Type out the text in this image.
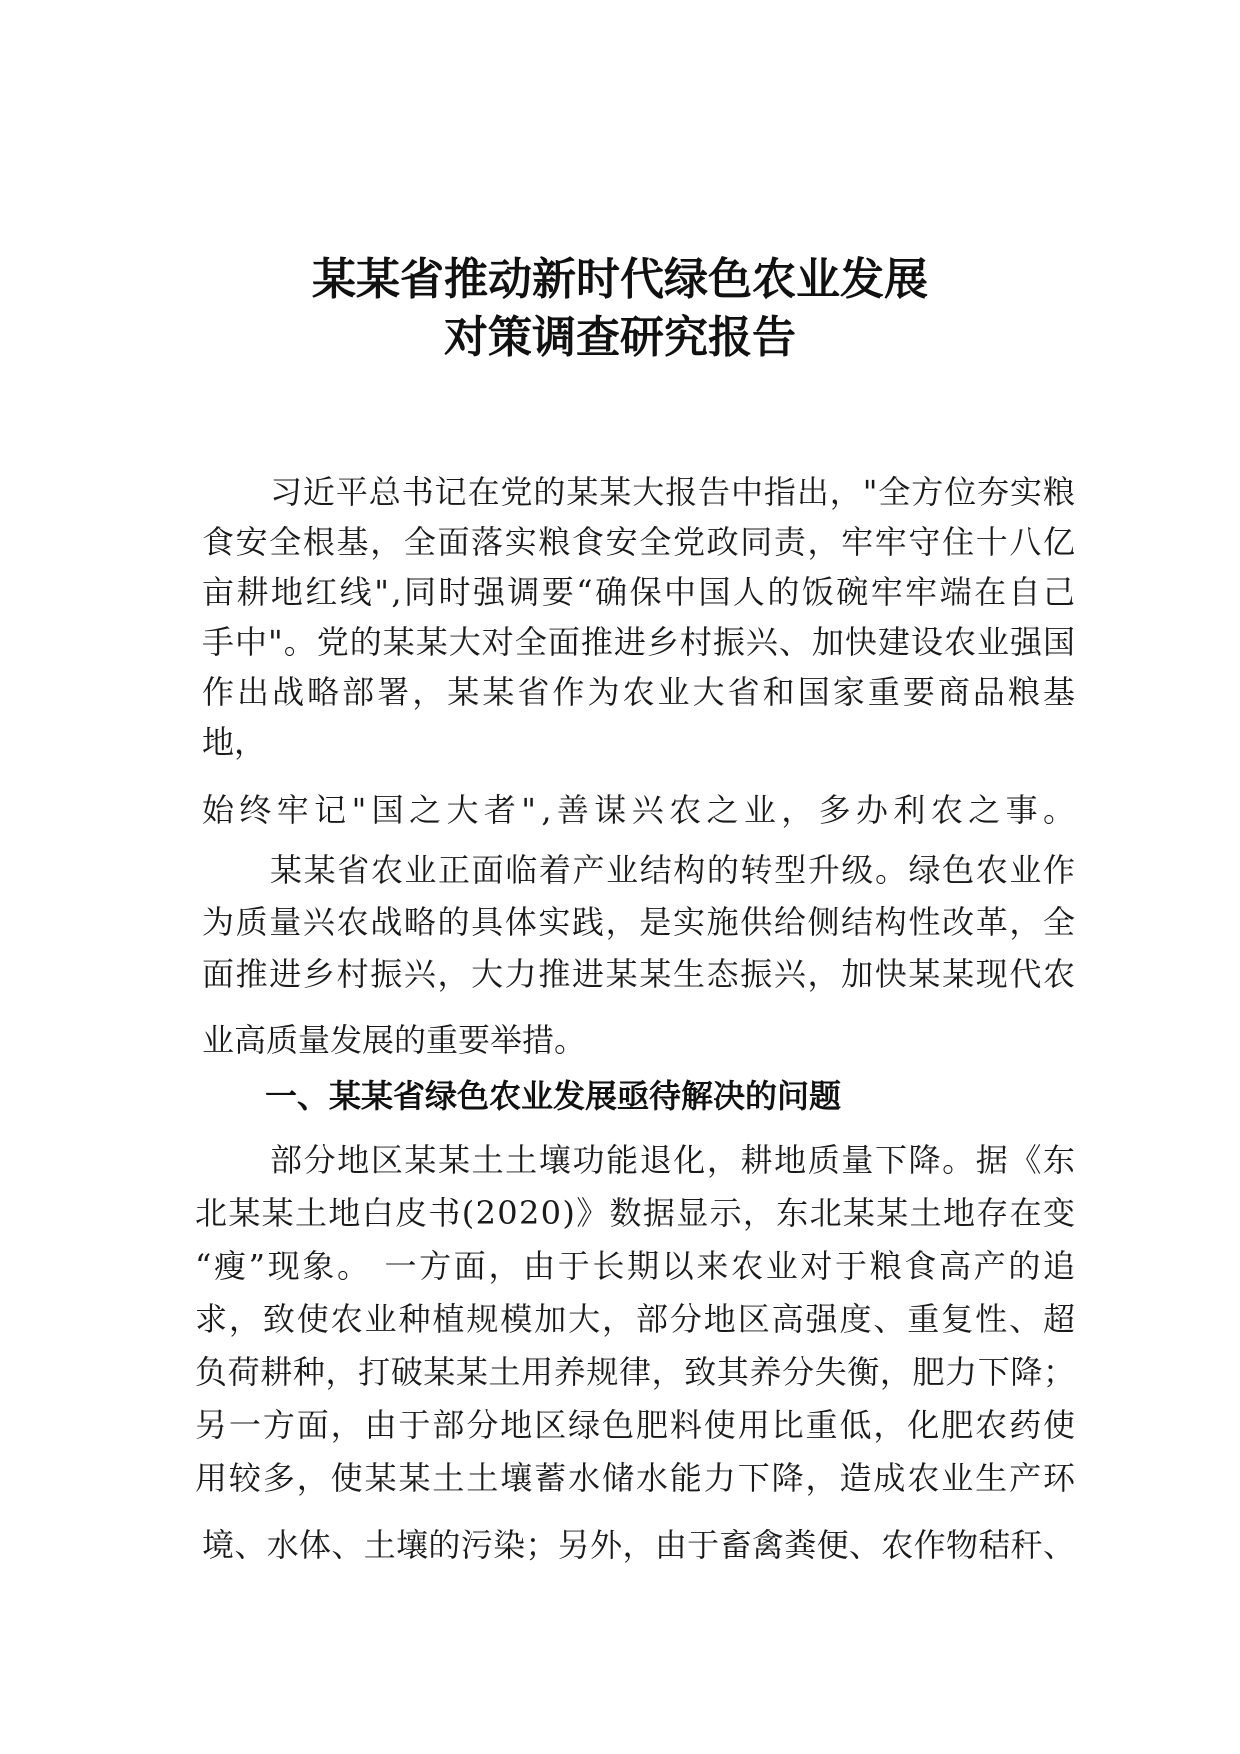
某某省推动新时代绿色农业发展
对策调查研究报告
习近平总书记在党的某某大报告中指出，"全方位夯实粮
食安全根基，全面落实粮食安全党政同责，牢牢守住十八亿
亩耕地红线",同时强调要“确保中国人的饭碗牢牢端在自己
手中"。党的某某大对全面推进乡村振兴、加快建设农业强国
作出战略部署，某某省作为农业大省和国家重要商品粮基
地，
始终牢记"国之大者",善谋兴农之业，多办利农之事。
某某省农业正面临着产业结构的转型升级。绿色农业作
为质量兴农战略的具体实践，是实施供给侧结构性改革，全
面推进乡村振兴，大力推进某某生态振兴，加快某某现代农
业高质量发展的重要举措。
一、某某省绿色农业发展亟待解决的问题
部分地区某某土土壤功能退化，耕地质量下降。据《东
北某某土地白皮书(2020)》数据显示，东北某某土地存在变
“瘦”现象。 一方面，由于长期以来农业对于粮食高产的追
求，致使农业种植规模加大，部分地区高强度、重复性、超
负荷耕种，打破某某土用养规律，致其养分失衡，肥力下降；
另一方面，由于部分地区绿色肥料使用比重低，化肥农药使
用较多，使某某土土壤蓄水储水能力下降，造成农业生产环
境、水体、土壤的污染；另外，由于畜禽粪便、农作物秸秆、
